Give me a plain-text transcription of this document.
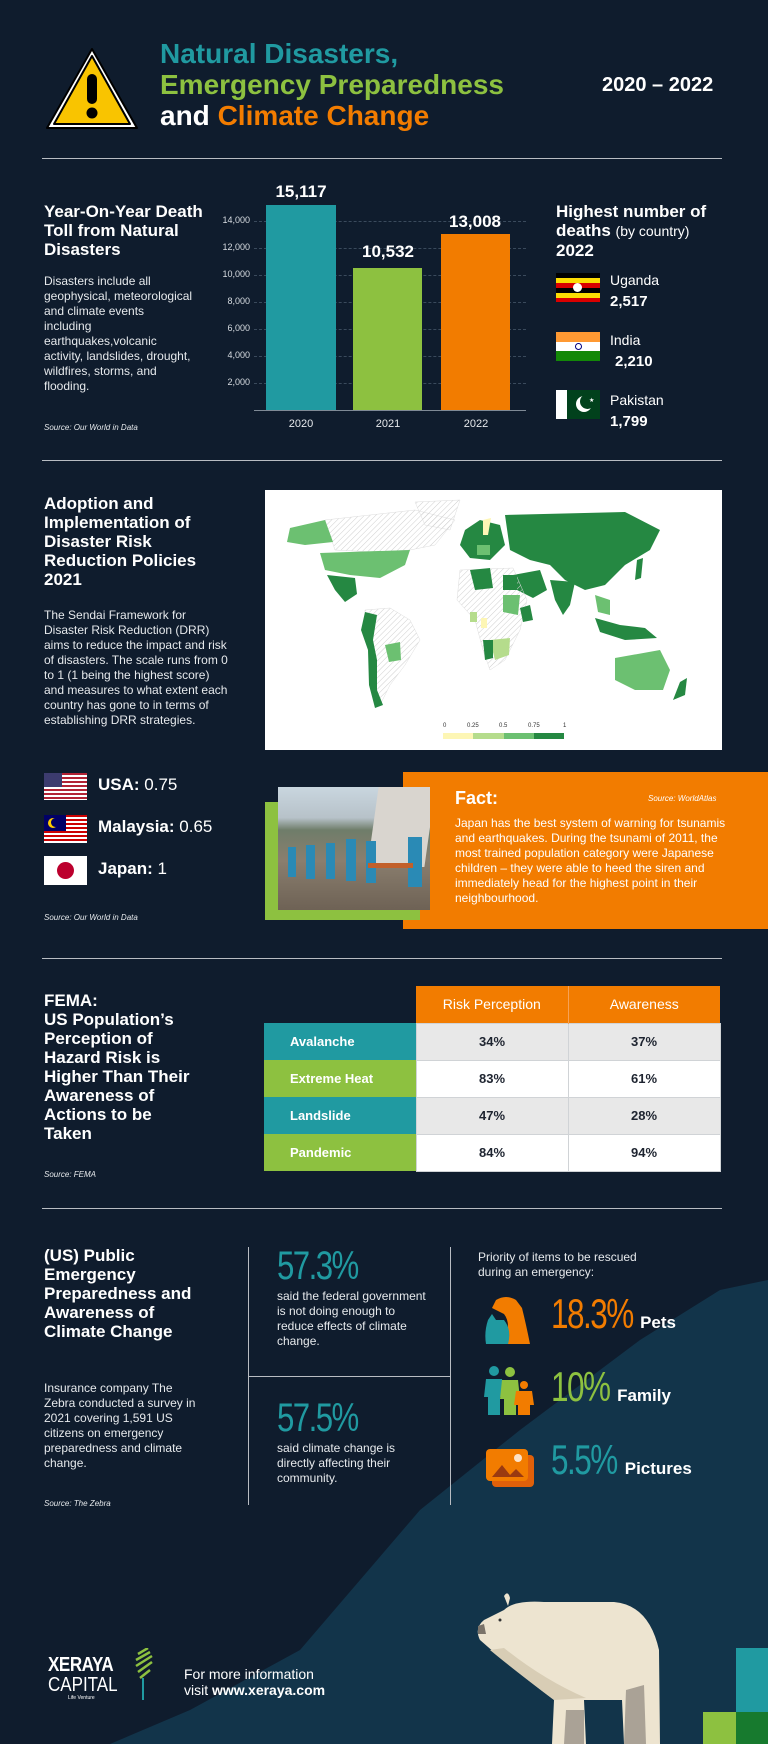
Natural Disasters,
Emergency Preparedness
and Climate Change
2020 – 2022
Year-On-Year Death Toll from Natural Disasters
Disasters include all geophysical, meteorological and climate events including earthquakes,volcanic activity, landslides, drought, wildfires, storms, and flooding.
Source: Our World in Data
14,000
12,000
10,000
8,000
6,000
4,000
2,000
15,117
10,532
13,008
2020	2021	2022
Highest number of deaths (by country)
2022
Uganda
2,517
India
2,210
★ Pakistan
1,799
Adoption and Implementation of Disaster Risk Reduction Policies 2021
The Sendai Framework for Disaster Risk Reduction (DRR) aims to reduce the impact and risk of disasters. The scale runs from 0 to 1 (1 being the highest score) and measures to what extent each country has gone to in terms of establishing DRR strategies.	0	0.25	0.5	0.75	1
USA: 0.75
Malaysia: 0.65
Japan: 1
Source: Our World in Data
Fact:	Source: WorldAtlas
Japan has the best system of warning for tsunamis and earthquakes. During the tsunami of 2011, the most trained population category were Japanese children – they were able to heed the siren and immediately head for the highest point in their neighbourhood.
FEMA:
US Population’s Perception of Hazard Risk is Higher Than Their Awareness of Actions to be Taken
Source: FEMA
	Risk Perception	Awareness
Avalanche	34%	37%
Extreme Heat	83%	61%
Landslide	47%	28%
Pandemic	84%	94%
(US) Public Emergency Preparedness and Awareness of Climate Change
Insurance company The Zebra conducted a survey in 2021 covering 1,591 US citizens on emergency preparedness and climate change.
Source: The Zebra
57.3%
said the federal government is not doing enough to reduce effects of climate change.
57.5%
said climate change is directly affecting their community.
Priority of items to be rescued during an emergency:
18.3% Pets
10% Family
5.5% Pictures
XERAYA
CAPITAL
Life Venture
For more information
visit www.xeraya.com
